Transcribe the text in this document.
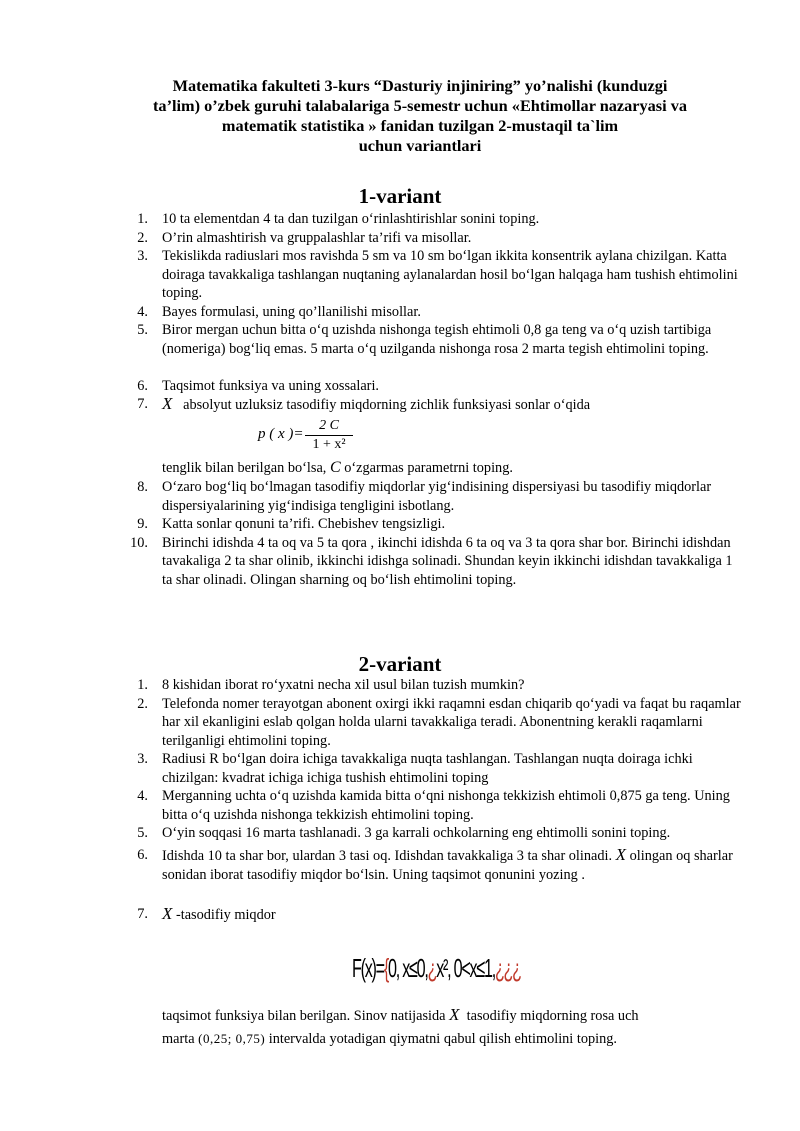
Matematika fakulteti 3-kurs “Dasturiy injiniring” yo’nalishi (kunduzgi
ta’lim) o’zbek guruhi talabalariga 5-semestr uchun «Ehtimollar nazaryasi va
matematik statistika » fanidan tuzilgan 2-mustaqil ta`lim
uchun variantlari
1-variant
1. 10 ta elementdan 4 ta dan tuzilgan o‘rinlashtirishlar sonini toping.
2. O’rin almashtirish va gruppalashlar ta’rifi va misollar.
3. Tekislikda radiuslari mos ravishda 5 sm va 10 sm bo‘lgan ikkita konsentrik aylana chizilgan. Katta doiraga tavakkaliga tashlangan nuqtaning aylanalardan hosil bo‘lgan halqaga ham tushish ehtimolini toping.
4. Bayes formulasi, uning qo’llanilishi misollar.
5. Biror mergan uchun bitta o‘q uzishda nishonga tegish ehtimoli 0,8 ga teng va o‘q uzish tartibiga (nomeriga) bog‘liq emas. 5 marta o‘q uzilganda nishonga rosa 2 marta tegish ehtimolini toping.
6. Taqsimot funksiya va uning xossalari.
7. X absolyut uzluksiz tasodifiy miqdorning zichlik funksiyasi sonlar o‘qida
p ( x )=
2 C
1 + x²
tenglik bilan berilgan bo‘lsa, C o‘zgarmas parametrni toping.
8. O‘zaro bog‘liq bo‘lmagan tasodifiy miqdorlar yig‘indisining dispersiyasi bu tasodifiy miqdorlar dispersiyalarining yig‘indisiga tengligini isbotlang.
9. Katta sonlar qonuni ta’rifi. Chebishev tengsizligi.
10. Birinchi idishda 4 ta oq va 5 ta qora , ikinchi idishda 6 ta oq va 3 ta qora shar bor. Birinchi idishdan tavakaliga 2 ta shar olinib, ikkinchi idishga solinadi. Shundan keyin ikkinchi idishdan tavakkaliga 1 ta shar olinadi. Olingan sharning oq bo‘lish ehtimolini toping.
2-variant
1. 8 kishidan iborat ro‘yxatni necha xil usul bilan tuzish mumkin?
2. Telefonda nomer terayotgan abonent oxirgi ikki raqamni esdan chiqarib qo‘yadi va faqat bu raqamlar har xil ekanligini eslab qolgan holda ularni tavakkaliga teradi. Abonentning kerakli raqamlarni terilganligi ehtimolini toping.
3. Radiusi R bo‘lgan doira ichiga tavakkaliga nuqta tashlangan. Tashlangan nuqta doiraga ichki chizilgan: kvadrat ichiga ichiga tushish ehtimolini toping
4. Merganning uchta o‘q uzishda kamida bitta o‘qni nishonga tekkizish ehtimoli 0,875 ga teng. Uning bitta o‘q uzishda nishonga tekkizish ehtimolini toping.
5. O‘yin soqqasi 16 marta tashlanadi. 3 ga karrali ochkolarning eng ehtimolli sonini toping.
6. Idishda 10 ta shar bor, ulardan 3 tasi oq. Idishdan tavakkaliga 3 ta shar olinadi. X olingan oq sharlar sonidan iborat tasodifiy miqdor bo‘lsin. Uning taqsimot qonunini yozing .
7. X -tasodifiy miqdor
F(x)={0, x≤0,¿x², 0<x≤1,¿¿¿
taqsimot funksiya bilan berilgan. Sinov natijasida X tasodifiy miqdorning rosa uch
marta (0,25; 0,75) intervalda yotadigan qiymatni qabul qilish ehtimolini toping.
